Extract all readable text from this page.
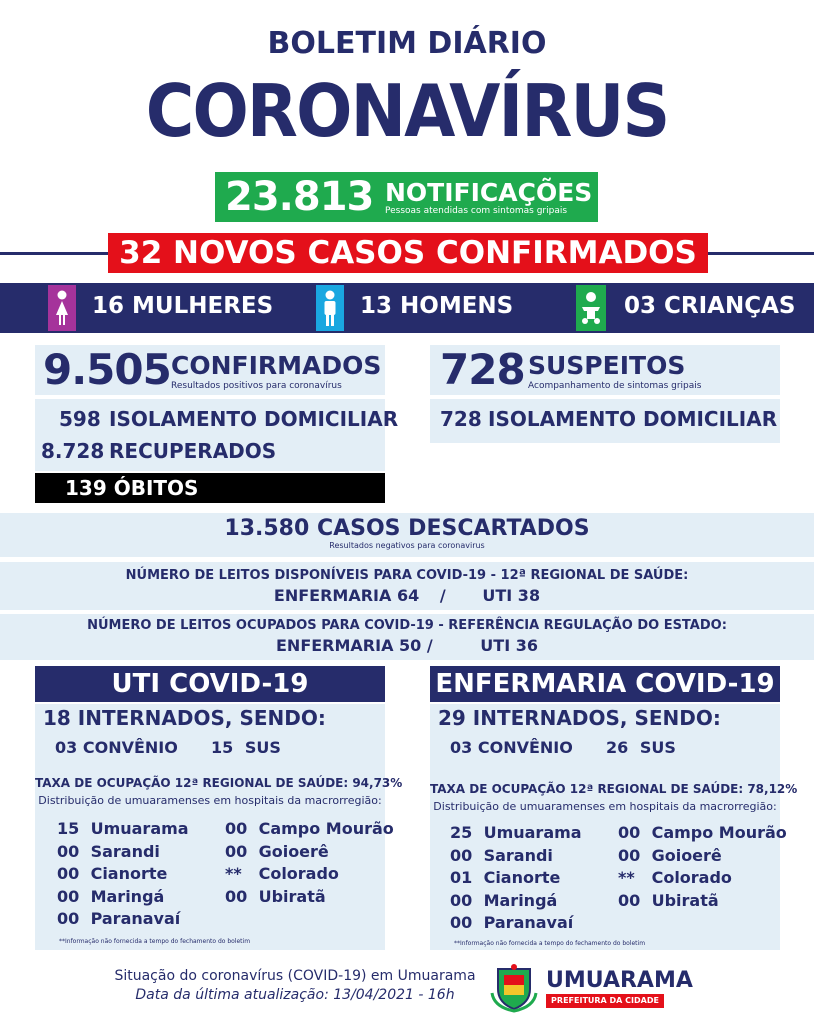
BOLETIM DIÁRIO
CORONAVÍRUS
23.813 NOTIFICAÇÕES
Pessoas atendidas com sintomas gripais
32 NOVOS CASOS CONFIRMADOS
16 MULHERES	13 HOMENS	03 CRIANÇAS
9.505 CONFIRMADOS
Resultados positivos para coronavírus
598 ISOLAMENTO DOMICILIAR
8.728 RECUPERADOS
139 ÓBITOS
728 SUSPEITOS
Acompanhamento de sintomas gripais
728 ISOLAMENTO DOMICILIAR
13.580 CASOS DESCARTADOS
Resultados negativos para coronavirus
NÚMERO DE LEITOS DISPONÍVEIS PARA COVID-19 - 12ª REGIONAL DE SAÚDE:
ENFERMARIA 64 / UTI 38
NÚMERO DE LEITOS OCUPADOS PARA COVID-19 - REFERÊNCIA REGULAÇÃO DO ESTADO:
ENFERMARIA 50 /	UTI 36
UTI COVID-19
18 INTERNADOS, SENDO:
03 CONVÊNIO 15 SUS
TAXA DE OCUPAÇÃO 12ª REGIONAL DE SAÚDE: 94,73%
Distribuição de umuaramenses em hospitais da macrorregião:
15 Umuarama
00 Sarandi
00 Cianorte
00 Maringá
00 Paranavaí
00 Campo Mourão
00 Goioerê
** Colorado
00 Ubiratã
**Informação não fornecida a tempo do fechamento do boletim
ENFERMARIA COVID-19
29 INTERNADOS, SENDO:
03 CONVÊNIO 26 SUS
TAXA DE OCUPAÇÃO 12ª REGIONAL DE SAÚDE: 78,12%
Distribuição de umuaramenses em hospitais da macrorregião:
25 Umuarama
00 Sarandi
01 Cianorte
00 Maringá
00 Paranavaí
00 Campo Mourão
00 Goioerê
** Colorado
00 Ubiratã
**Informação não fornecida a tempo do fechamento do boletim
Situação do coronavírus (COVID-19) em Umuarama
Data da última atualização: 13/04/2021 - 16h
UMUARAMA
PREFEITURA DA CIDADE
